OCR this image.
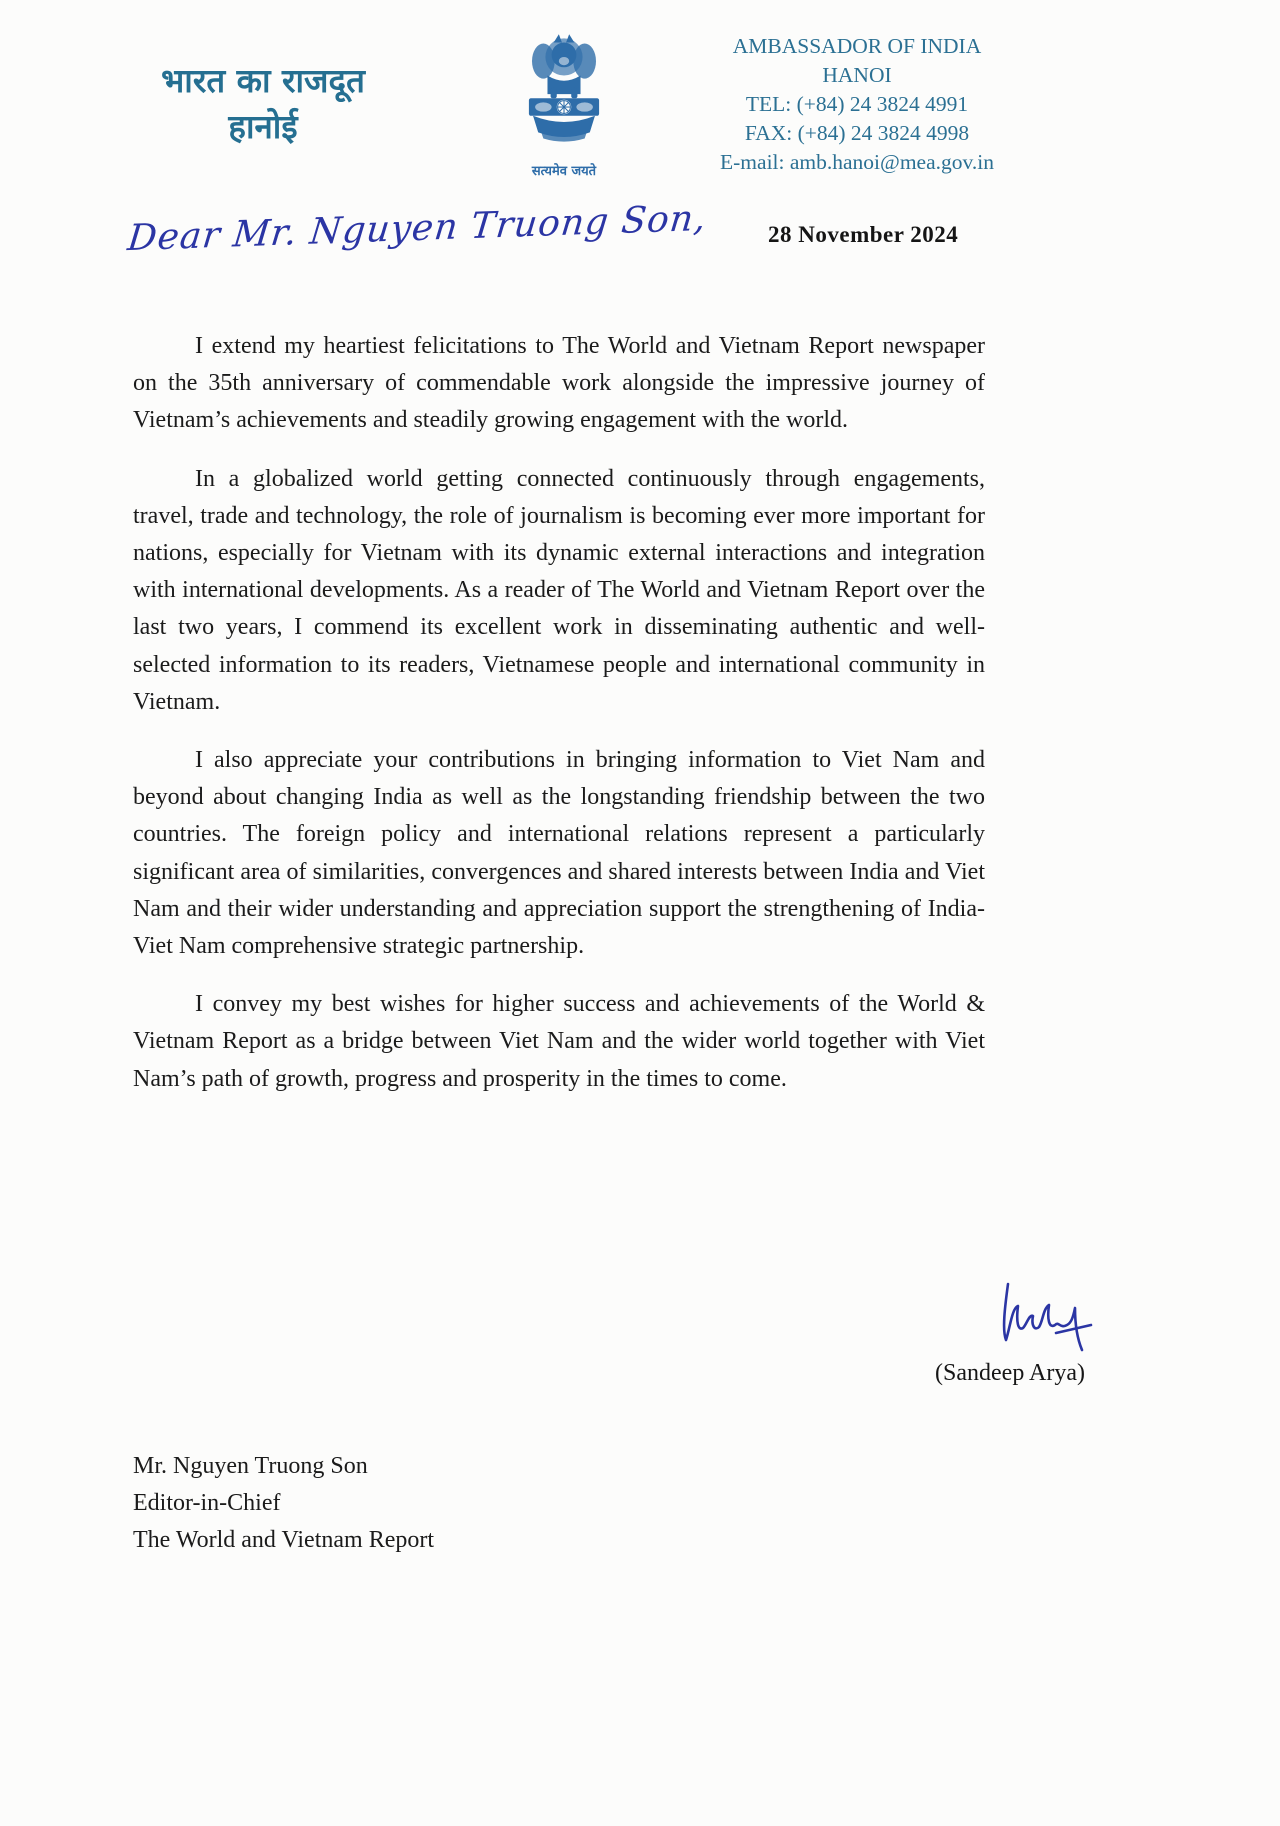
भारत का राजदूत
हानोई
सत्यमेव जयते
AMBASSADOR OF INDIA
HANOI
TEL: (+84) 24 3824 4991
FAX: (+84) 24 3824 4998
E-mail: amb.hanoi@mea.gov.in
28 November 2024
Dear Mr. Nguyen Truong Son,

I extend my heartiest felicitations to The World and Vietnam Report newspaper on the 35th anniversary of commendable work alongside the impressive journey of Vietnam’s achievements and steadily growing engagement with the world.

In a globalized world getting connected continuously through engagements, travel, trade and technology, the role of journalism is becoming ever more important for nations, especially for Vietnam with its dynamic external interactions and integration with international developments. As a reader of The World and Vietnam Report over the last two years, I commend its excellent work in disseminating authentic and well-selected information to its readers, Vietnamese people and international community in Vietnam.

I also appreciate your contributions in bringing information to Viet Nam and beyond about changing India as well as the longstanding friendship between the two countries. The foreign policy and international relations represent a particularly significant area of similarities, convergences and shared interests between India and Viet Nam and their wider understanding and appreciation support the strengthening of India-Viet Nam comprehensive strategic partnership.

I convey my best wishes for higher success and achievements of the World & Vietnam Report as a bridge between Viet Nam and the wider world together with Viet Nam’s path of growth, progress and prosperity in the times to come.

(Sandeep Arya)
Mr. Nguyen Truong Son
Editor-in-Chief
The World and Vietnam Report
